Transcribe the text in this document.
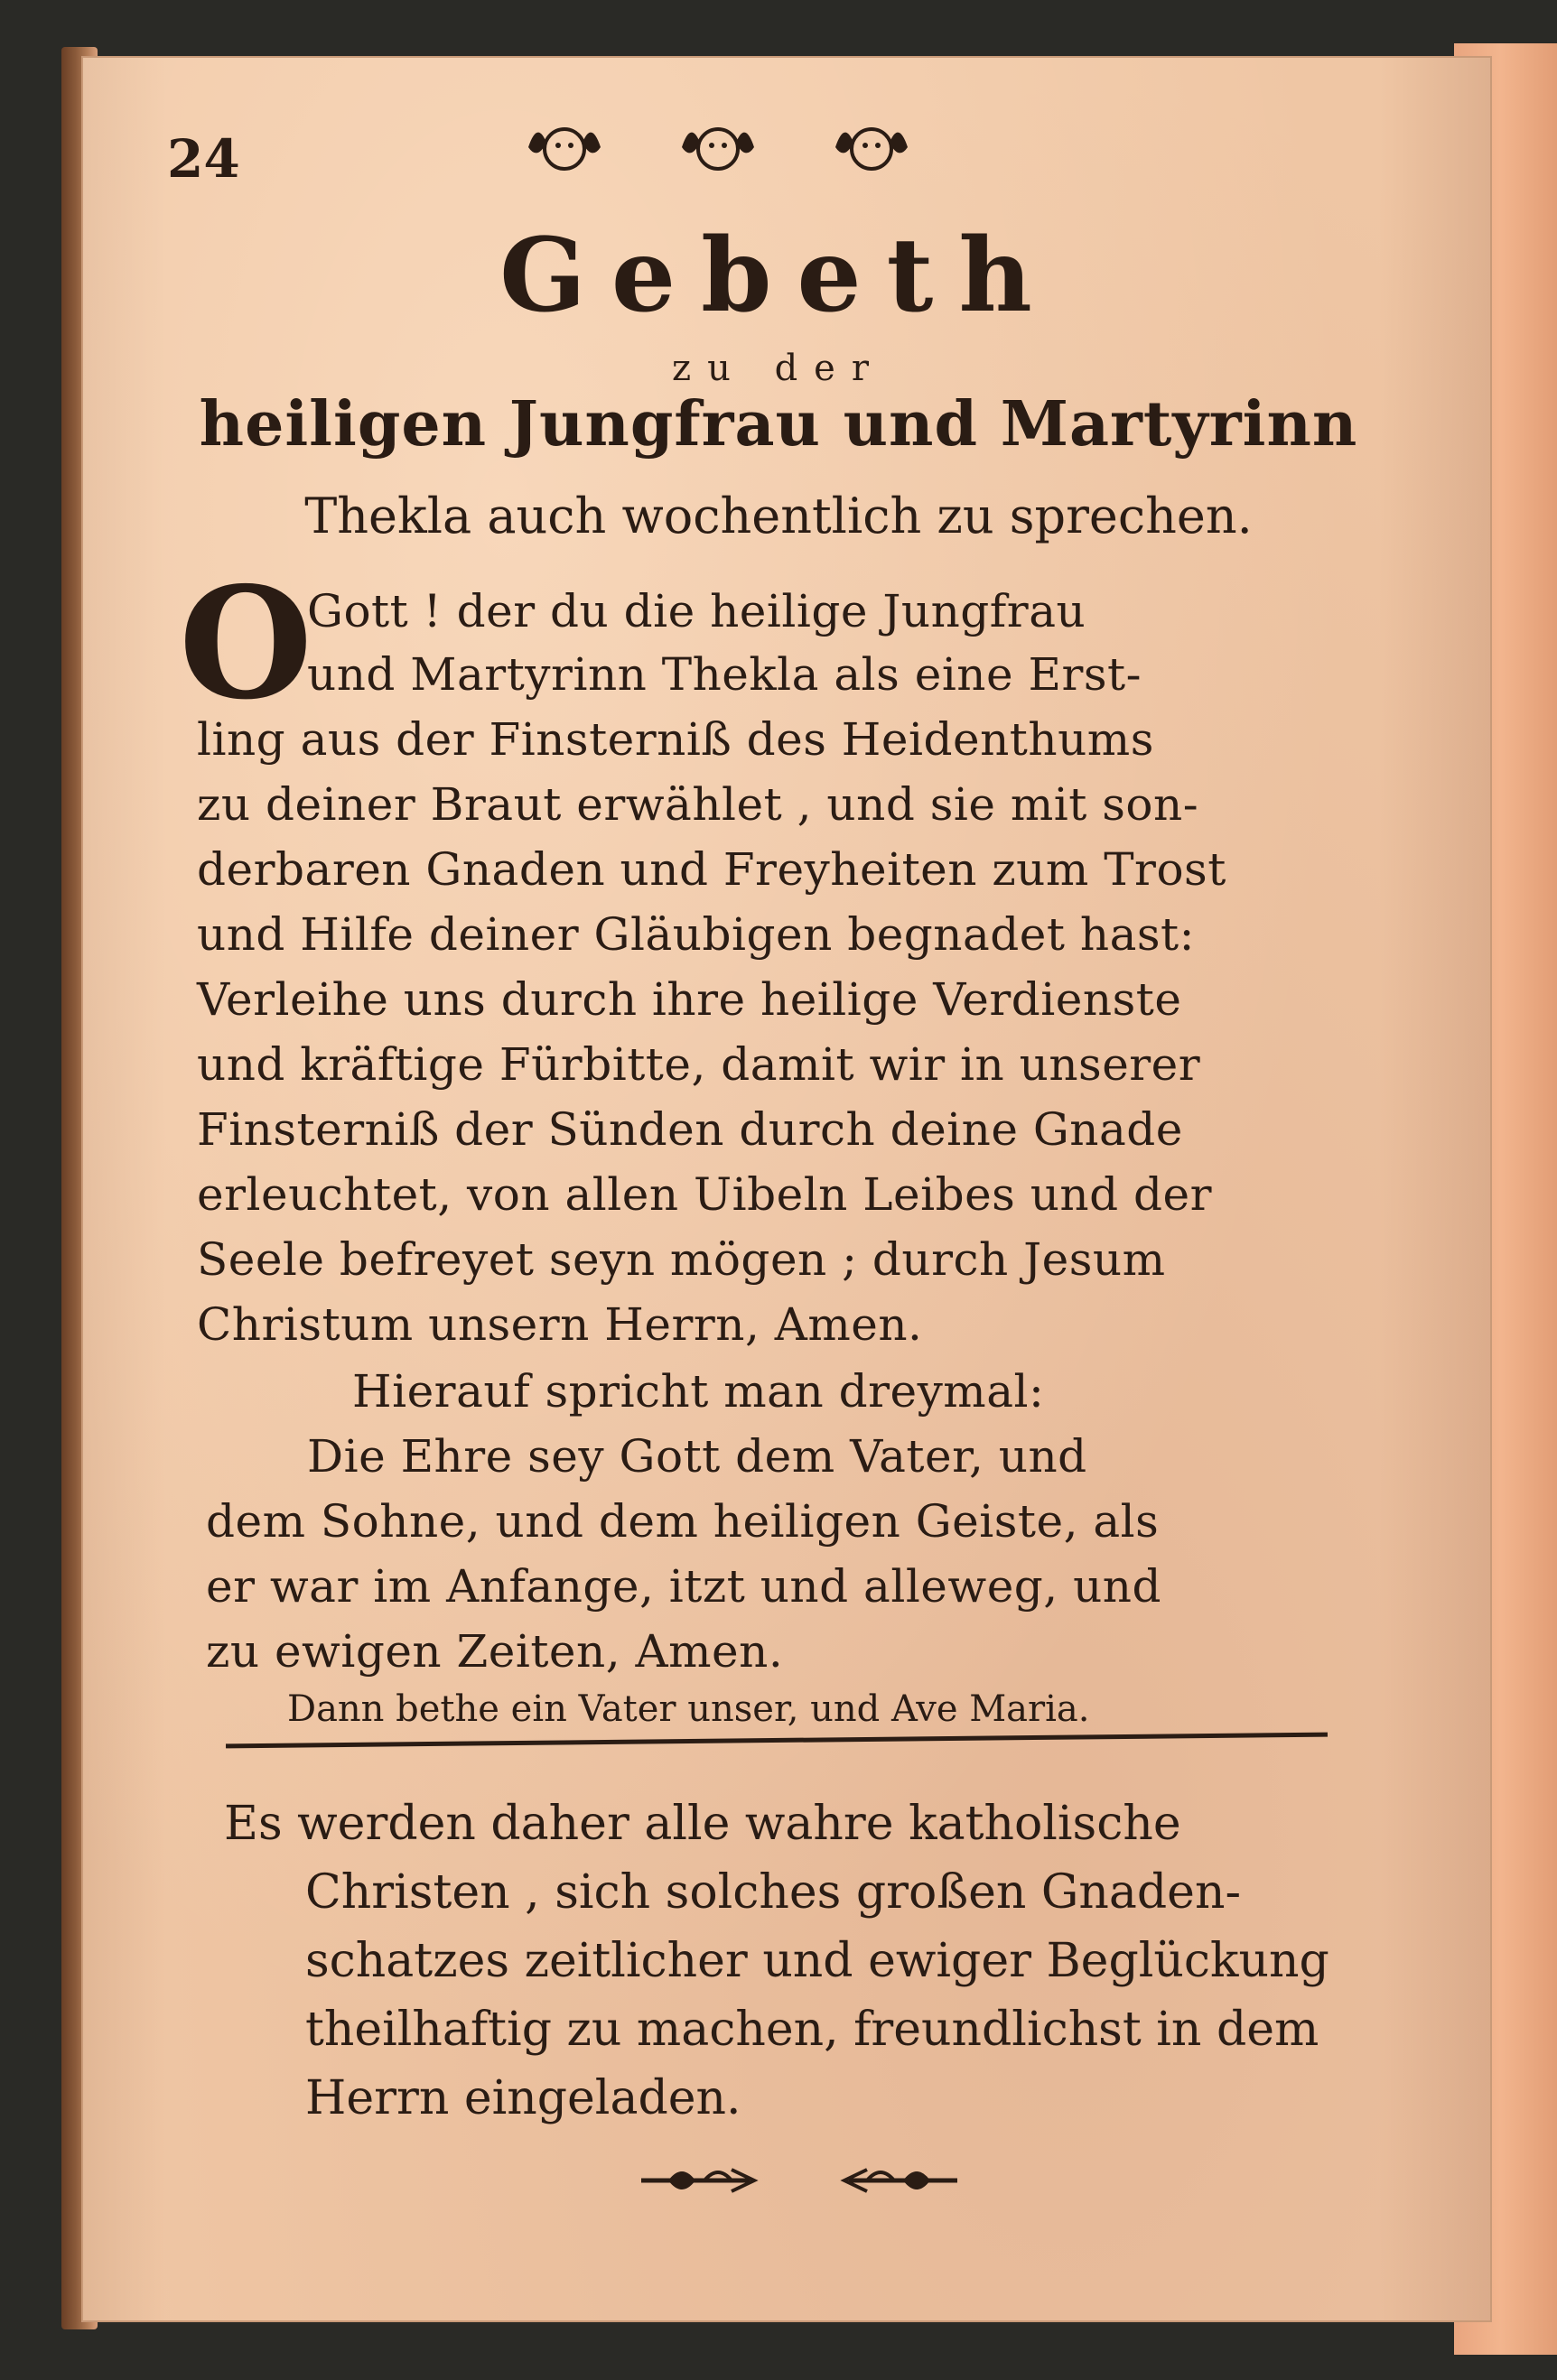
24
Gebeth
zu der
heiligen Jungfrau und Martyrinn
Thekla auch wochentlich zu sprechen.
O
Gott ! der du die heilige Jungfrau
und Martyrinn Thekla als eine Erst-
ling aus der Finsterniß des Heidenthums
zu deiner Braut erwählet , und sie mit son-
derbaren Gnaden und Freyheiten zum Trost
und Hilfe deiner Gläubigen begnadet hast:
Verleihe uns durch ihre heilige Verdienste
und kräftige Fürbitte, damit wir in unserer
Finsterniß der Sünden durch deine Gnade
erleuchtet, von allen Uibeln Leibes und der
Seele befreyet seyn mögen ; durch Jesum
Christum unsern Herrn, Amen.
Hierauf spricht man dreymal:
Die Ehre sey Gott dem Vater, und
dem Sohne, und dem heiligen Geiste, als
er war im Anfange, itzt und alleweg, und
zu ewigen Zeiten, Amen.
Dann bethe ein Vater unser, und Ave Maria.
Es werden daher alle wahre katholische
Christen , sich solches großen Gnaden-
schatzes zeitlicher und ewiger Beglückung
theilhaftig zu machen, freundlichst in dem
Herrn eingeladen.
